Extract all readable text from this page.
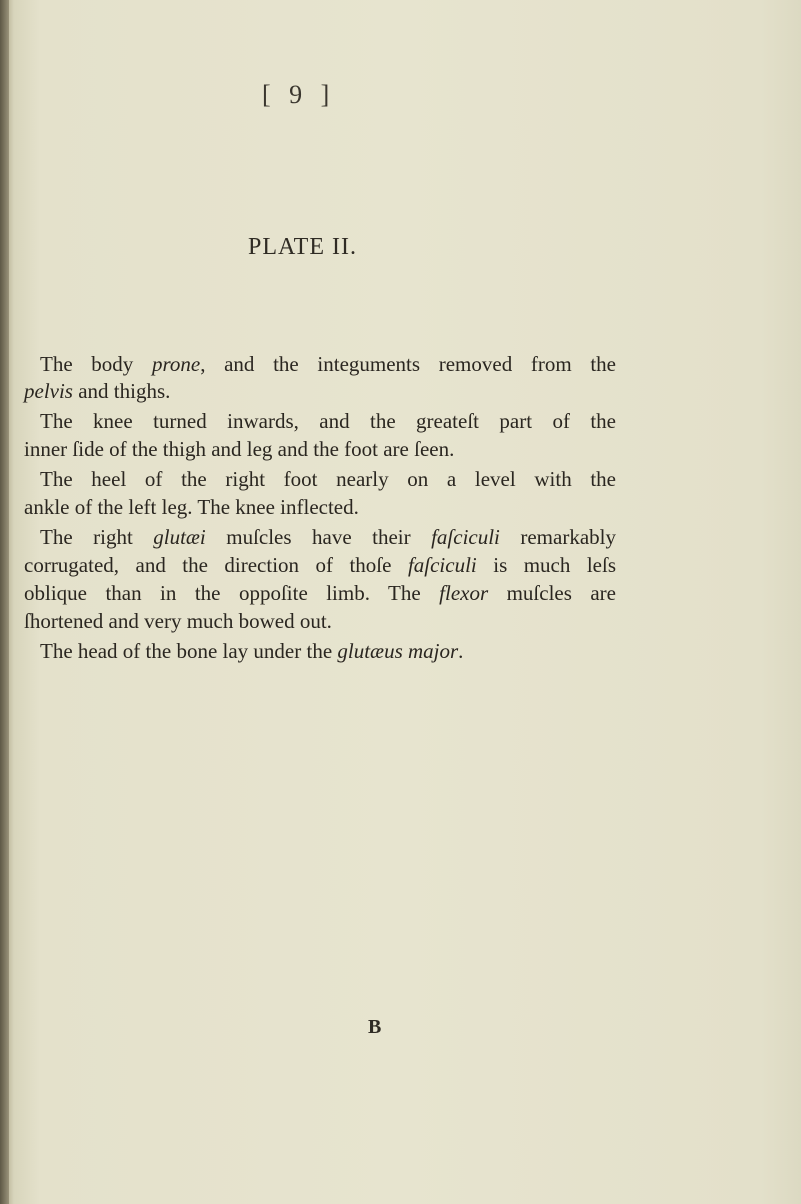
[ 9 ]
PLATE II.
The body prone, and the integuments removed from the
pelvis and thighs.
The knee turned inwards, and the greateſt part of the
inner ſide of the thigh and leg and the foot are ſeen.
The heel of the right foot nearly on a level with the
ankle of the left leg. The knee inflected.
The right glutæi muſcles have their faſciculi remarkably
corrugated, and the direction of thoſe faſciculi is much leſs
oblique than in the oppoſite limb. The flexor muſcles are
ſhortened and very much bowed out.
The head of the bone lay under the glutæus major.
B
